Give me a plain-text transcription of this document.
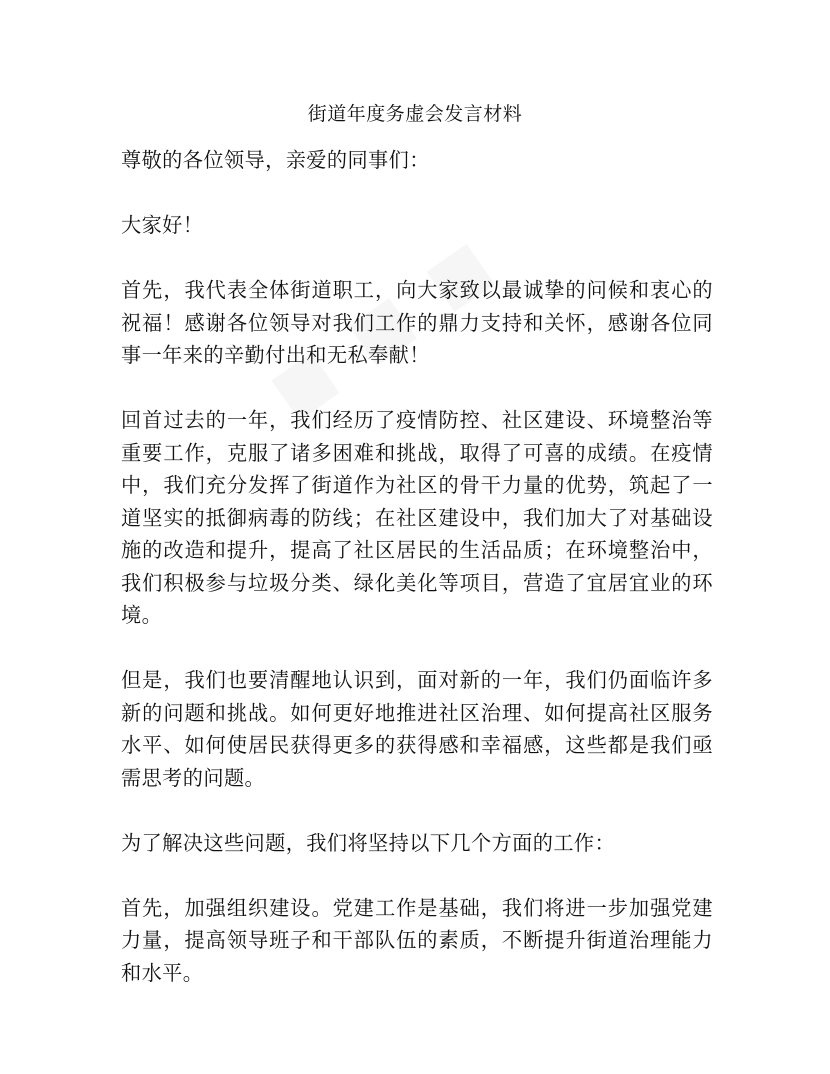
街道年度务虚会发言材料

尊敬的各位领导，亲爱的同事们：

大家好！

首先，我代表全体街道职工，向大家致以最诚挚的问候和衷心的祝福！感谢各位领导对我们工作的鼎力支持和关怀，感谢各位同事一年来的辛勤付出和无私奉献！

回首过去的一年，我们经历了疫情防控、社区建设、环境整治等重要工作，克服了诸多困难和挑战，取得了可喜的成绩。在疫情中，我们充分发挥了街道作为社区的骨干力量的优势，筑起了一道坚实的抵御病毒的防线；在社区建设中，我们加大了对基础设施的改造和提升，提高了社区居民的生活品质；在环境整治中，我们积极参与垃圾分类、绿化美化等项目，营造了宜居宜业的环境。

但是，我们也要清醒地认识到，面对新的一年，我们仍面临许多新的问题和挑战。如何更好地推进社区治理、如何提高社区服务水平、如何使居民获得更多的获得感和幸福感，这些都是我们亟需思考的问题。

为了解决这些问题，我们将坚持以下几个方面的工作：

首先，加强组织建设。党建工作是基础，我们将进一步加强党建力量，提高领导班子和干部队伍的素质，不断提升街道治理能力和水平。
